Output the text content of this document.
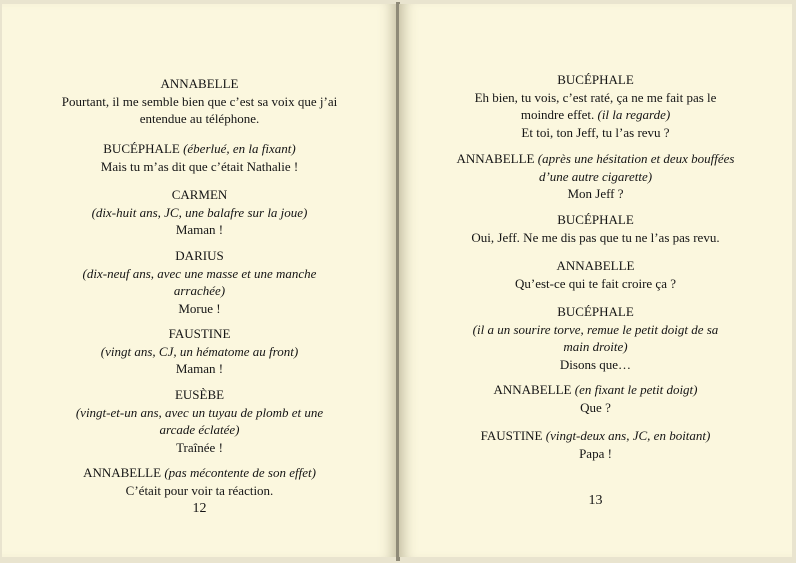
ANNABELLE

Pourtant, il me semble bien que c’est sa voix que j’ai entendue au téléphone.

BUCÉPHALE (éberlué, en la fixant)

Mais tu m’as dit que c’était Nathalie !

CARMEN

(dix-huit ans, JC, une balafre sur la joue)

Maman !

DARIUS

(dix-neuf ans, avec une masse et une manche arrachée)

Morue !

FAUSTINE

(vingt ans, CJ, un hématome au front)

Maman !

EUSÈBE

(vingt-et-un ans, avec un tuyau de plomb et une arcade éclatée)

Traînée !

ANNABELLE (pas mécontente de son effet)

C’était pour voir ta réaction.

12

BUCÉPHALE

Eh bien, tu vois, c’est raté, ça ne me fait pas le moindre effet. (il la regarde)

Et toi, ton Jeff, tu l’as revu ?

ANNABELLE (après une hésitation et deux bouffées d’une autre cigarette)

Mon Jeff ?

BUCÉPHALE

Oui, Jeff. Ne me dis pas que tu ne l’as pas revu.

ANNABELLE

Qu’est-ce qui te fait croire ça ?

BUCÉPHALE

(il a un sourire torve, remue le petit doigt de sa main droite)

Disons que…

ANNABELLE (en fixant le petit doigt)

Que ?

FAUSTINE (vingt-deux ans, JC, en boitant)

Papa !

13
